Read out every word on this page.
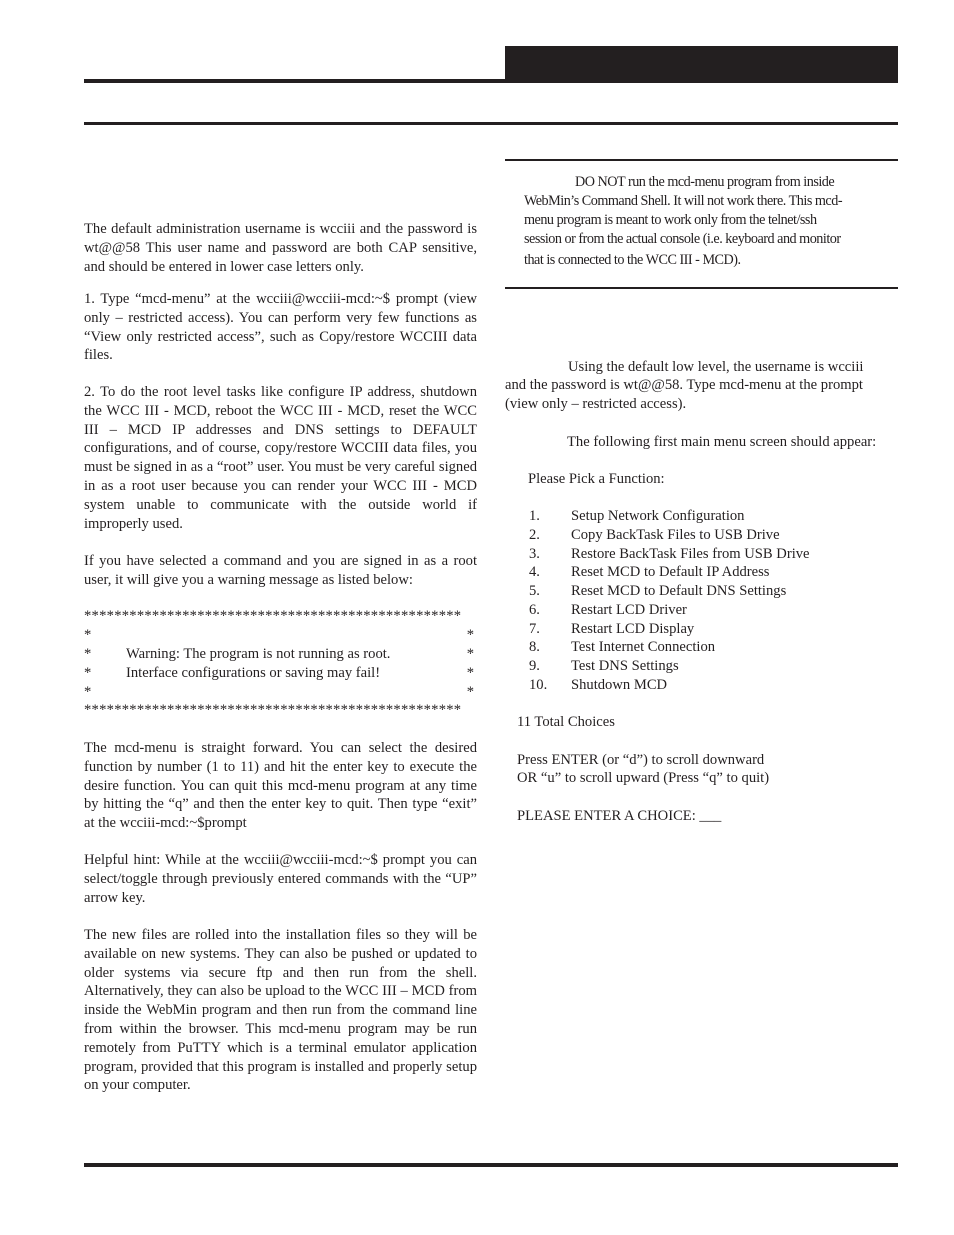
The default administration username is wcciii and the password is wt@@58 This user name and password are both CAP sensitive, and should be entered in lower case letters only.

1. Type “mcd-menu” at the wcciii@wcciii-mcd:~$ prompt (view only – restricted access). You can perform very few functions as “View only restricted access”, such as Copy/restore WCCIII data files.

2. To do the root level tasks like configure IP address, shutdown the WCC III - MCD, reboot the WCC III - MCD, reset the WCC III – MCD IP addresses and DNS settings to DEFAULT configurations, and of course, copy/restore WCCIII data files, you must be signed in as a “root” user. You must be very careful signed in as a root user because you can render your WCC III - MCD system unable to communicate with the outside world if improperly used.

If you have selected a command and you are signed in as a root user, it will give you a warning message as listed below:

**************************************************
*	*
* Warning: The program is not running as root.	*
* Interface configurations or saving may fail!	*
*	*
**************************************************

The mcd-menu is straight forward. You can select the desired function by number (1 to 11) and hit the enter key to execute the desire function. You can quit this mcd-menu program at any time by hitting the “q” and then the enter key to quit. Then type “exit” at the wcciii-mcd:~$prompt

Helpful hint: While at the wcciii@wcciii-mcd:~$ prompt you can select/toggle through previously entered commands with the “UP” arrow key.

The new files are rolled into the installation files so they will be available on new systems. They can also be pushed or updated to older systems via secure ftp and then run from the shell. Alternatively, they can also be upload to the WCC III – MCD from inside the WebMin program and then run from the command line from within the browser. This mcd-menu program may be run remotely from PuTTY which is a terminal emulator application program, provided that this program is installed and properly setup on your computer.

DO NOT run the mcd-menu program from inside
WebMin’s Command Shell. It will not work there. This mcd-
menu program is meant to work only from the telnet/ssh
session or from the actual console (i.e. keyboard and monitor
that is connected to the WCC III - MCD).
Using the default low level, the username is wcciii
and the password is wt@@58. Type mcd-menu at the prompt
(view only – restricted access).
The following first main menu screen should appear:
Please Pick a Function:
1. Setup Network Configuration
2. Copy BackTask Files to USB Drive
3. Restore BackTask Files from USB Drive
4. Reset MCD to Default IP Address
5. Reset MCD to Default DNS Settings
6. Restart LCD Driver
7. Restart LCD Display
8. Test Internet Connection
9. Test DNS Settings
10. Shutdown MCD
11 Total Choices
Press ENTER (or “d”) to scroll downward
OR “u” to scroll upward (Press “q” to quit)
PLEASE ENTER A CHOICE: ___
